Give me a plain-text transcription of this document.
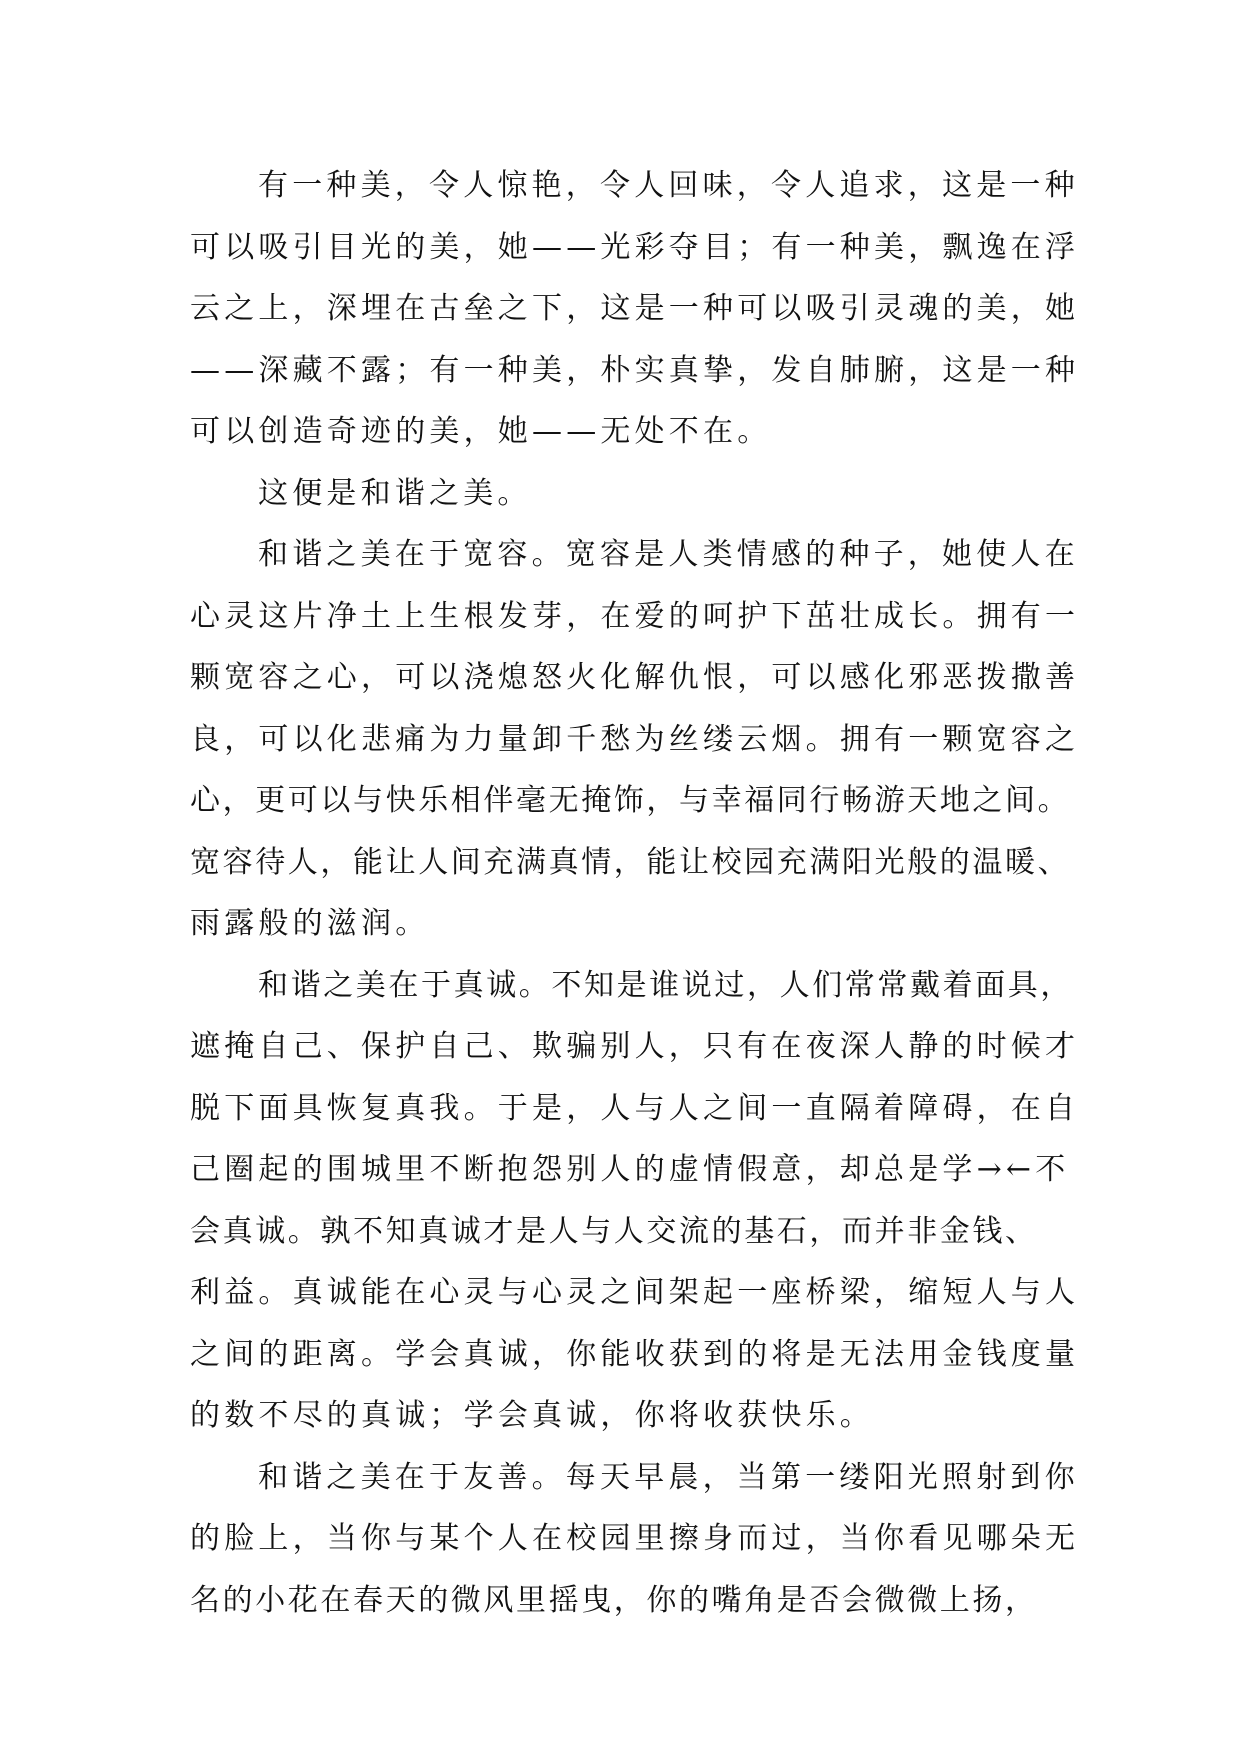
有一种美，令人惊艳，令人回味，令人追求，这是一种
可以吸引目光的美，她——光彩夺目；有一种美，飘逸在浮
云之上，深埋在古垒之下，这是一种可以吸引灵魂的美，她
——深藏不露；有一种美，朴实真挚，发自肺腑，这是一种
可以创造奇迹的美，她——无处不在。
这便是和谐之美。
和谐之美在于宽容。宽容是人类情感的种子，她使人在
心灵这片净土上生根发芽，在爱的呵护下茁壮成长。拥有一
颗宽容之心，可以浇熄怒火化解仇恨，可以感化邪恶拨撒善
良，可以化悲痛为力量卸千愁为丝缕云烟。拥有一颗宽容之
心，更可以与快乐相伴毫无掩饰，与幸福同行畅游天地之间。
宽容待人，能让人间充满真情，能让校园充满阳光般的温暖、
雨露般的滋润。
和谐之美在于真诚。不知是谁说过，人们常常戴着面具，
遮掩自己、保护自己、欺骗别人，只有在夜深人静的时候才
脱下面具恢复真我。于是，人与人之间一直隔着障碍，在自
己圈起的围城里不断抱怨别人的虚情假意，却总是学→←不
会真诚。孰不知真诚才是人与人交流的基石，而并非金钱、
利益。真诚能在心灵与心灵之间架起一座桥梁，缩短人与人
之间的距离。学会真诚，你能收获到的将是无法用金钱度量
的数不尽的真诚；学会真诚，你将收获快乐。
和谐之美在于友善。每天早晨，当第一缕阳光照射到你
的脸上，当你与某个人在校园里擦身而过，当你看见哪朵无
名的小花在春天的微风里摇曳，你的嘴角是否会微微上扬，
